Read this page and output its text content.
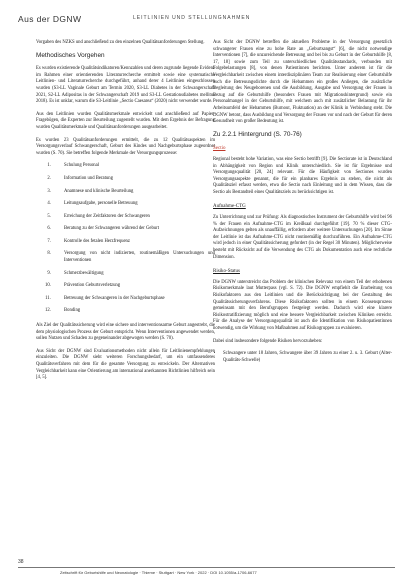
Aus der DGNW	LEITLINIEN UND STELLUNGNAHMEN

Vorgaben des NZKS und anschließend zu den einzelnen Qualitätsanforderungen Stellung.

Methodisches Vorgehen

Es wurden existierende Qualitätsindikatoren/Kennzahlen und deren zugrunde liegende Evidenz im Rahmen einer orientierenden Literaturrecherche ermittelt sowie eine systematische Leitlinien- und Literaturrecherche durchgeführt, anhand derer 4 Leitlinien eingeschlossen wurden (S3-LL Vaginale Geburt am Termin 2020, S3-LL Diabetes in der Schwangerschaft 2021, S2-LL Adipositas in der Schwangerschaft 2019 und S3-LL Gestationsdiabetes mellitus 2018). Es ist unklar, warum die S3-Leitlinie „Sectio Caesarea“ (2020) nicht verwendet wurde.

Aus den Leitlinien wurden Qualitätsmerkmale entwickelt und anschließend auf Papier-Fragebögen, die Experten zur Beurteilung zugestellt wurden. Mit dem Ergebnis der Befragung wurden Qualitätsmerkmale und Qualitätsanforderungen ausgearbeitet.

Es wurden 23 Qualitätsanforderungen ermittelt, die zu 12 Qualitätsaspekten im Versorgungsverlauf Schwangerschaft, Geburt des Kindes und Nachgeburtsphase zugeordnet wurden (S. 70). Sie betreffen folgende Merkmale der Versorgungsprozesse:

1. Schulung Personal
2. Information und Beratung
3. Anamnese und klinische Beurteilung
4. Leitungsaufgabe, personelle Betreuung
5. Erreichung der Zeitfaktoren der Schwangeren
6. Beratung zu der Schwangeren während der Geburt
7. Kontrolle des fetalen Herzfrequenz
8. Versorgung von nicht indizierten, routinemäßigen Untersuchungen und Interventionen
9. Schmerzbewältigung
10. Prävention Geburtsverletzung
11. Betreuung der Schwangeren in der Nachgeburtsphase
12. Bonding

Als Ziel der Qualitätssicherung wird eine sichere und interventionsarme Geburt angestrebt, die dem physiologischen Prozess der Geburt entspricht. Wenn Interventionen angewendet werden, sollen Nutzen und Schaden zu gegeneinander abgewogen werden (S. 70).

Aus Sicht der DGNW sind Evaluationsmethoden nicht allein für Leitlinienempfehlungen einzuleiten. Die DGNW sieht weiteren Forschungsbedarf, um ein umfassenderes Qualitätsverfahren mit dem für die gesamte Versorgung zu entwickeln. Der Alternativen Vergleichbarkeit kann eine Orientierung am international anerkannten Richtlinien hilfreich sein [4, 5].

Aus Sicht der DGNW betreffen die aktuellen Probleme in der Versorgung gesetzlich schwangerer Frauen eine zu hohe Rate an „Geburtsangst“ [6], die nicht notwendige Interventionen [7], die unzureichende Betreuung und bei bis zu Geburt in der Geburtshilfe [8, 17, 18] sowie zum Teil zu unterschiedlichen Qualitätsstandards, verbunden mit Folgebelastungen [8], von denen Patientinnen berichten. Unter anderem ist für die Vergleichbarkeit zwischen einem interdisziplinären Team zur Realisierung einer Geburtshilfe auch die Betreuungsdichte durch die Hebammen ein großes Anliegen, die zusätzliche Begleitung des Neugeborenen und die Ausbildung, Ausgabe und Versorgung der Frauen in Bezug auf die Geburtshilfe (besonders Frauen mit Migrationshintergrund) sowie ein Personalmangel in der Geburtshilfe, mit welchem auch mit zusätzlicher Belastung für ihr Arbeitsumfeld der Hebammen (Burnout, Fluktuation) an der Klinik in Verbindung steht. Die DGNW betont, dass Ausbildung und Versorgung der Frauen vor und nach der Geburt für deren Gesundheit von großer Bedeutung ist.

Zu 2.2.1 Hintergrund (S. 70-76)
Sectio

Regional besteht hohe Variation, was eine Sectio betrifft [9]. Die Sectiorate ist in Deutschland in Abhängigkeit von Region und Klinik unterschiedlich. Sie ist für Ergebnisse und Versorgungsqualität [20, 24] relevant. Für die Häufigkeit von Sectiones wurden Versorgungsaspekte genannt, die für ein planbares Ergebnis zu stehen, die nicht als Qualitätsziel erfasst werden, etwa die Sectio nach Einleitung und in dem Wissen, dass die Sectio als Bestandteil eines Qualitätsziels zu berücksichtigen ist.

Aufnahme-CTG

Zu Unterrichtung und zur Prüfung: Als diagnostisches Instrument der Geburtshilfe wird bei 96 % der Frauen ein Aufnahme-CTG im Kreißsaal durchgeführt [19]. 70 % dieser CTG-Aufzeichnungen gelten als unauffällig, erfordern aber weitere Untersuchungen [20]. Im Sinne der Leitlinie ist das Aufnahme-CTG nicht routinemäßig durchzuführen. Ein Aufnahme-CTG wird jedoch in einer Qualitätssicherung gefordert (in der Regel 30 Minuten). Möglicherweise besteht mit Rücksicht auf die Verwendung des CTG als Dokumentation auch eine rechtliche Dimension.

Risiko-Status

Die DGNW unterstreicht das Problem der klinischen Relevanz von einem Teil der erhobenen Risikomerkmale laut Mutterpass (vgl. S. 72). Die DGNW empfiehlt die Erarbeitung von Risikofaktoren aus den Leitlinien und die Berücksichtigung bei der Gestaltung des Qualitätssicherungsverfahrens. Diese Risikofaktoren sollten in einem Konsensprozess gemeinsam mit den Berufsgruppen festgelegt werden. Dadurch wird eine klarere Risikostratifizierung möglich und eine bessere Vergleichbarkeit zwischen Kliniken erreicht. Für die Analyse der Versorgungsqualität ist auch die Identifikation von Risikopatientinnen notwendig, um die Wirkung von Maßnahmen auf Risikogruppen zu evaluieren.

Dabei sind insbesondere folgende Risiken hervorzuheben:

• Schwangere unter 18 Jahren, Schwangere über 39 Jahren zu einer 2. u. 3. Geburt (Alter-Qualitäts-Schwelle)
38
Zeitschrift für Geburtshilfe und Neonatologie · Thieme · Stuttgart · New York · 2022 · DOI 10.1055/a-1706-6677
